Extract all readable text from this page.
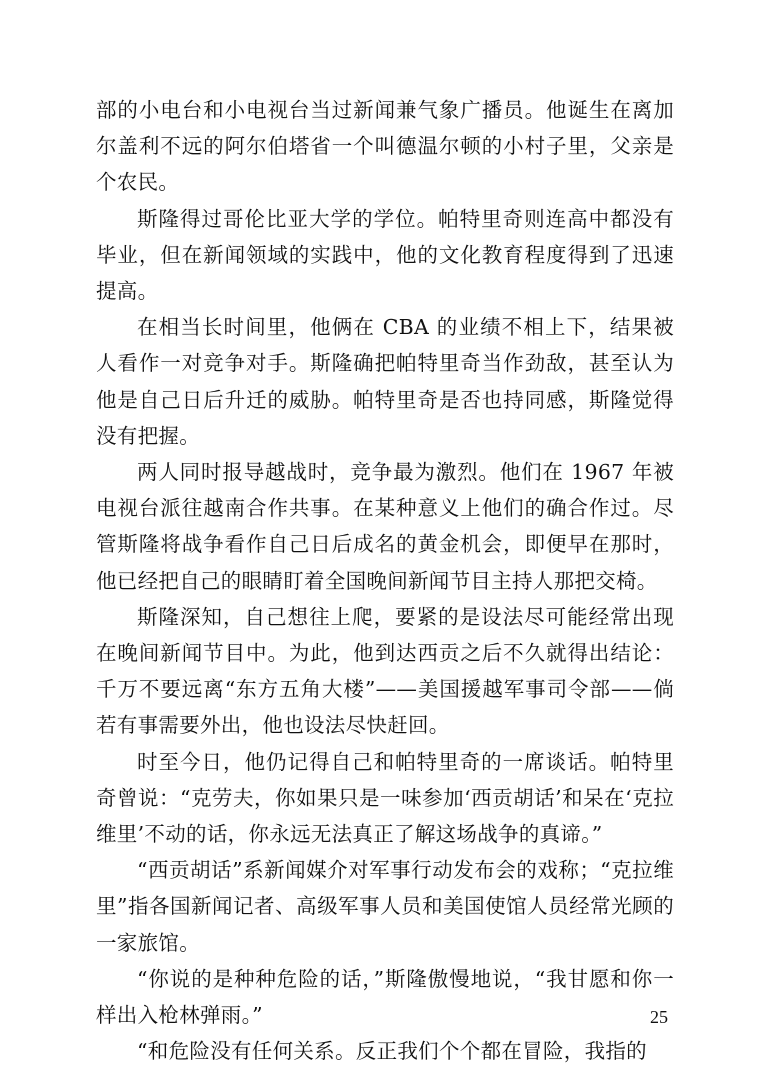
部的小电台和小电视台当过新闻兼气象广播员。他诞生在离加尔盖利不远的阿尔伯塔省一个叫德温尔顿的小村子里，父亲是个农民。

斯隆得过哥伦比亚大学的学位。帕特里奇则连高中都没有毕业，但在新闻领域的实践中，他的文化教育程度得到了迅速提高。

在相当长时间里，他俩在 CBA 的业绩不相上下，结果被人看作一对竞争对手。斯隆确把帕特里奇当作劲敌，甚至认为他是自己日后升迁的威胁。帕特里奇是否也持同感，斯隆觉得没有把握。

两人同时报导越战时，竞争最为激烈。他们在 1967 年被电视台派往越南合作共事。在某种意义上他们的确合作过。尽管斯隆将战争看作自己日后成名的黄金机会，即便早在那时，他已经把自己的眼睛盯着全国晚间新闻节目主持人那把交椅。

斯隆深知，自己想往上爬，要紧的是设法尽可能经常出现在晚间新闻节目中。为此，他到达西贡之后不久就得出结论：千万不要远离“东方五角大楼”——美国援越军事司令部——倘若有事需要外出，他也设法尽快赶回。

时至今日，他仍记得自己和帕特里奇的一席谈话。帕特里奇曾说：“克劳夫，你如果只是一味参加‘西贡胡话’和呆在‘克拉维里’不动的话，你永远无法真正了解这场战争的真谛。”

“西贡胡话”系新闻媒介对军事行动发布会的戏称；“克拉维里”指各国新闻记者、高级军事人员和美国使馆人员经常光顾的一家旅馆。

“你说的是种种危险的话，”斯隆傲慢地说，“我甘愿和你一样出入枪林弹雨。”

“和危险没有任何关系。反正我们个个都在冒险，我指的

25
